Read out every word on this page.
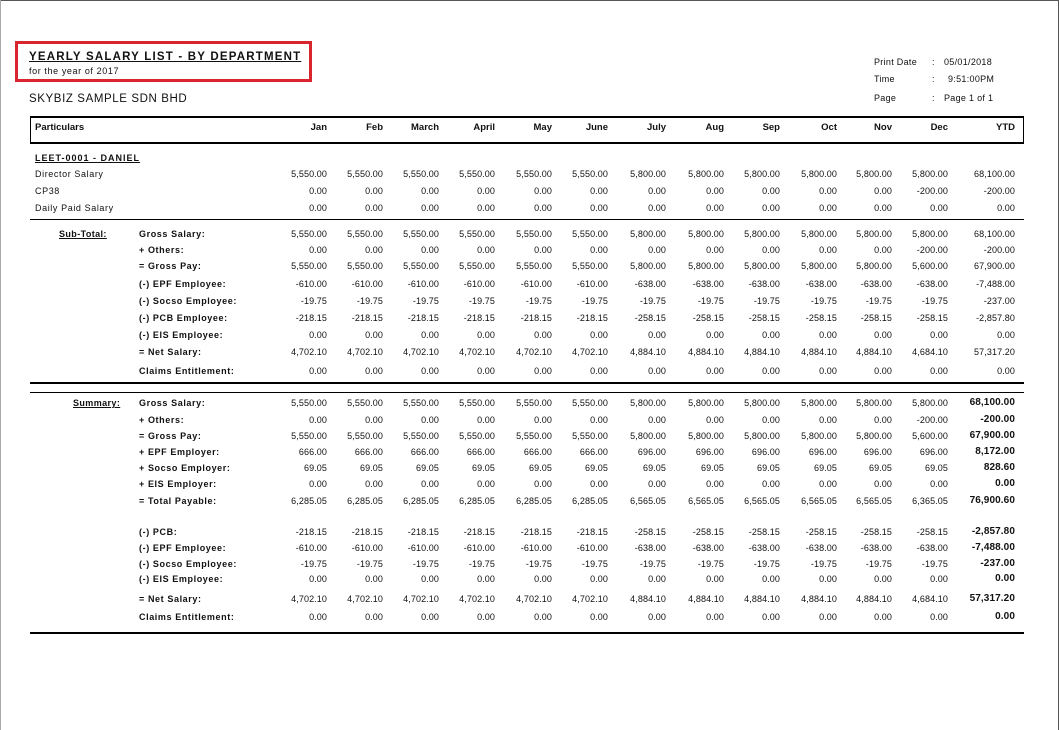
YEARLY SALARY LIST - BY DEPARTMENT
for the year of 2017
SKYBIZ SAMPLE SDN BHD
Print Date : 05/01/2018
Time	: 9:51:00PM
Page	: Page 1 of 1
Particulars	Jan	Feb	March	April	May	June	July	Aug	Sep	Oct	Nov	Dec	YTD
LEET-0001 - DANIEL
Director Salary	5,550.00	5,550.00	5,550.00	5,550.00	5,550.00	5,550.00	5,800.00	5,800.00	5,800.00	5,800.00	5,800.00	5,800.00	68,100.00
CP38	0.00	0.00	0.00	0.00	0.00	0.00	0.00	0.00	0.00	0.00	0.00	-200.00	-200.00
Daily Paid Salary	0.00	0.00	0.00	0.00	0.00	0.00	0.00	0.00	0.00	0.00	0.00	0.00	0.00
Gross Salary:	5,550.00	5,550.00	5,550.00	5,550.00	5,550.00	5,550.00	5,800.00	5,800.00	5,800.00	5,800.00	5,800.00	5,800.00	68,100.00
+ Others:	0.00	0.00	0.00	0.00	0.00	0.00	0.00	0.00	0.00	0.00	0.00	-200.00	-200.00
= Gross Pay:	5,550.00	5,550.00	5,550.00	5,550.00	5,550.00	5,550.00	5,800.00	5,800.00	5,800.00	5,800.00	5,800.00	5,600.00	67,900.00
(-) EPF Employee:	-610.00	-610.00	-610.00	-610.00	-610.00	-610.00	-638.00	-638.00	-638.00	-638.00	-638.00	-638.00	-7,488.00
(-) Socso Employee:	-19.75	-19.75	-19.75	-19.75	-19.75	-19.75	-19.75	-19.75	-19.75	-19.75	-19.75	-19.75	-237.00
(-) PCB Employee:	-218.15	-218.15	-218.15	-218.15	-218.15	-218.15	-258.15	-258.15	-258.15	-258.15	-258.15	-258.15	-2,857.80
(-) EIS Employee:	0.00	0.00	0.00	0.00	0.00	0.00	0.00	0.00	0.00	0.00	0.00	0.00	0.00
= Net Salary:	4,702.10	4,702.10	4,702.10	4,702.10	4,702.10	4,702.10	4,884.10	4,884.10	4,884.10	4,884.10	4,884.10	4,684.10	57,317.20
Claims Entitlement:	0.00	0.00	0.00	0.00	0.00	0.00	0.00	0.00	0.00	0.00	0.00	0.00	0.00
Gross Salary:	5,550.00	5,550.00	5,550.00	5,550.00	5,550.00	5,550.00	5,800.00	5,800.00	5,800.00	5,800.00	5,800.00	5,800.00	68,100.00
+ Others:	0.00	0.00	0.00	0.00	0.00	0.00	0.00	0.00	0.00	0.00	0.00	-200.00	-200.00
= Gross Pay:	5,550.00	5,550.00	5,550.00	5,550.00	5,550.00	5,550.00	5,800.00	5,800.00	5,800.00	5,800.00	5,800.00	5,600.00	67,900.00
+ EPF Employer:	666.00	666.00	666.00	666.00	666.00	666.00	696.00	696.00	696.00	696.00	696.00	696.00	8,172.00
+ Socso Employer:	69.05	69.05	69.05	69.05	69.05	69.05	69.05	69.05	69.05	69.05	69.05	69.05	828.60
+ EIS Employer:	0.00	0.00	0.00	0.00	0.00	0.00	0.00	0.00	0.00	0.00	0.00	0.00	0.00
= Total Payable:	6,285.05	6,285.05	6,285.05	6,285.05	6,285.05	6,285.05	6,565.05	6,565.05	6,565.05	6,565.05	6,565.05	6,365.05	76,900.60
(-) PCB:	-218.15	-218.15	-218.15	-218.15	-218.15	-218.15	-258.15	-258.15	-258.15	-258.15	-258.15	-258.15	-2,857.80
(-) EPF Employee:	-610.00	-610.00	-610.00	-610.00	-610.00	-610.00	-638.00	-638.00	-638.00	-638.00	-638.00	-638.00	-7,488.00
(-) Socso Employee:	-19.75	-19.75	-19.75	-19.75	-19.75	-19.75	-19.75	-19.75	-19.75	-19.75	-19.75	-19.75	-237.00
(-) EIS Employee:	0.00	0.00	0.00	0.00	0.00	0.00	0.00	0.00	0.00	0.00	0.00	0.00	0.00
= Net Salary:	4,702.10	4,702.10	4,702.10	4,702.10	4,702.10	4,702.10	4,884.10	4,884.10	4,884.10	4,884.10	4,884.10	4,684.10	57,317.20
Claims Entitlement:	0.00	0.00	0.00	0.00	0.00	0.00	0.00	0.00	0.00	0.00	0.00	0.00	0.00
Sub-Total:
Summary:
